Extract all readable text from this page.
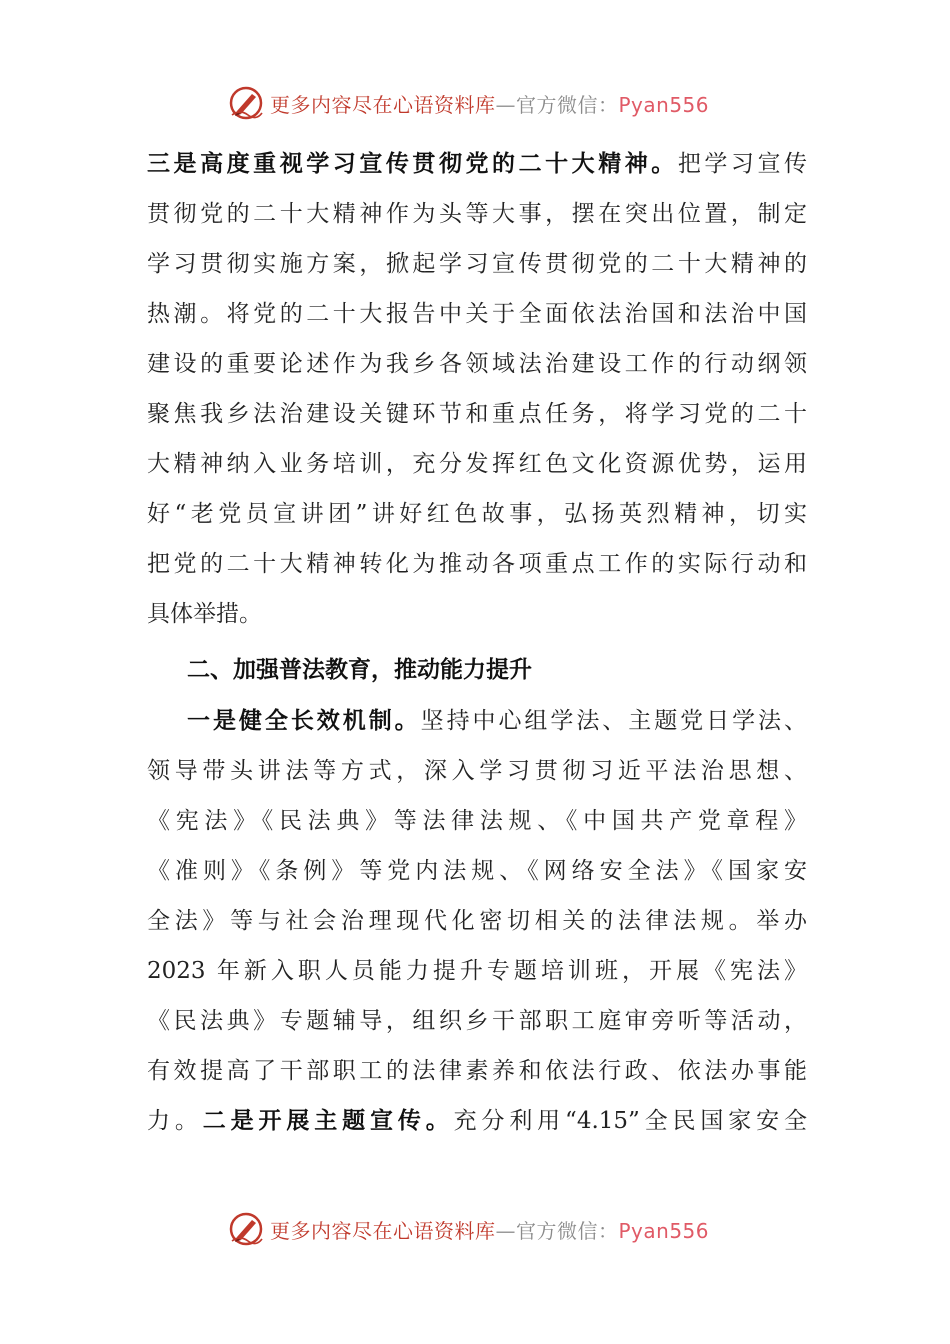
更多内容尽在心语资料库—官方微信：Pyan556
三是高度重视学习宣传贯彻党的二十大精神。把学习宣传
贯彻党的二十大精神作为头等大事，摆在突出位置，制定
学习贯彻实施方案，掀起学习宣传贯彻党的二十大精神的
热潮。将党的二十大报告中关于全面依法治国和法治中国
建设的重要论述作为我乡各领域法治建设工作的行动纲领
聚焦我乡法治建设关键环节和重点任务，将学习党的二十
大精神纳入业务培训，充分发挥红色文化资源优势，运用
好“老党员宣讲团”讲好红色故事，弘扬英烈精神，切实
把党的二十大精神转化为推动各项重点工作的实际行动和
具体举措。
二、加强普法教育，推动能力提升
一是健全长效机制。坚持中心组学法、主题党日学法、
领导带头讲法等方式，深入学习贯彻习近平法治思想、
《宪法》《民法典》等法律法规、《中国共产党章程》
《准则》《条例》等党内法规、《网络安全法》《国家安
全法》等与社会治理现代化密切相关的法律法规。举办
2023 年新入职人员能力提升专题培训班，开展《宪法》
《民法典》专题辅导，组织乡干部职工庭审旁听等活动，
有效提高了干部职工的法律素养和依法行政、依法办事能
力。二是开展主题宣传。充分利用“4.15”全民国家安全
更多内容尽在心语资料库—官方微信：Pyan556
